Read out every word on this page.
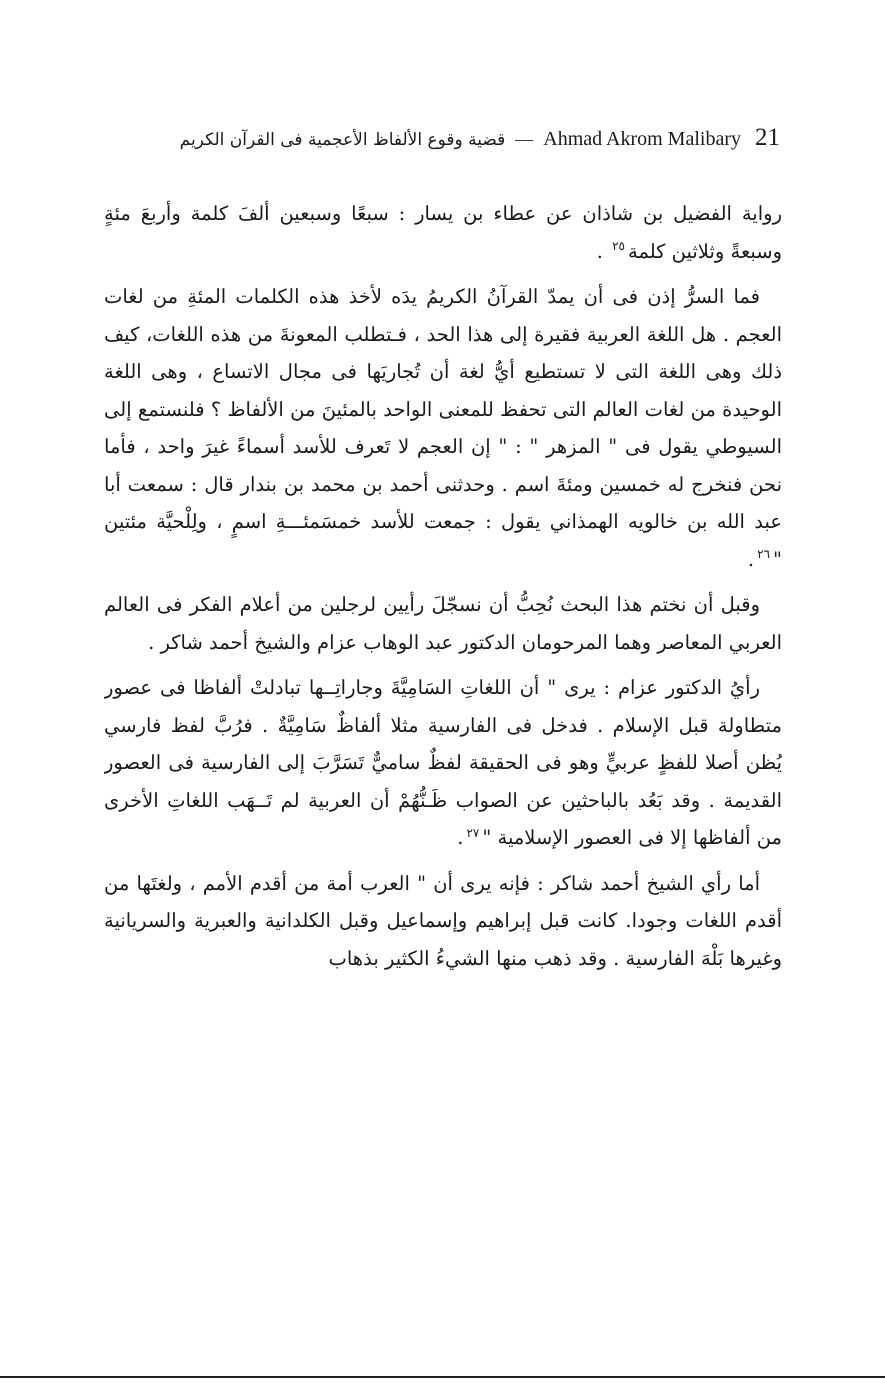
قضية وقوع الألفاظ الأعجمية فى القرآن الكريم — Ahmad Akrom Malibary 21

رواية الفضيل بن شاذان عن عطاء بن يسار : سبعًا وسبعين ألفَ كلمة وأربعَ مئةٍ وسبعةً وثلاثين كلمة$^{٢٥}$ .

فما السرُّ إذن فى أن يمدّ القرآنُ الكريمُ يدَه لأخذ هذه الكلمات المئةِ من لغات العجم . هل اللغة العربية فقيرة إلى هذا الحد ، فـتطلب المعونةَ من هذه اللغات، كيف ذلك وهى اللغة التى لا تستطيع أيُّ لغة أن تُجاريَها فى مجال الاتساع ، وهى اللغة الوحيدة من لغات العالم التى تحفظ للمعنى الواحد بالمئينَ من الألفاظ ؟ فلنستمع إلى السيوطي يقول فى " المزهر " : " إن العجم لا تَعرف للأسد أسماءً غيرَ واحد ، فأما نحن فنخرج له خمسين ومئةَ اسم . وحدثنى أحمد بن محمد بن بندار قال : سمعت أبا عبد الله بن خالويه الهمذاني يقول : جمعت للأسد خمسَمئـــةِ اسمٍ ، ولِلْحيَّة مئتين "$^{٢٦}$.

وقبل أن نختم هذا البحث نُحِبُّ أن نسجّلَ رأيين لرجلين من أعلام الفكر فى العالم العربي المعاصر وهما المرحومان الدكتور عبد الوهاب عزام والشيخ أحمد شاكر .

رأيُ الدكتور عزام : يرى " أن اللغاتِ السَامِيَّةَ وجاراتِــها تبادلتْ ألفاظا فى عصور متطاولة قبل الإسلام . فدخل فى الفارسية مثلا ألفاظٌ سَامِيَّةٌ . فرُبَّ لفظ فارسي يُظن أصلا للفظٍ عربيٍّ وهو فى الحقيقة لفظٌ ساميٌّ تَسَرَّبَ إلى الفارسية فى العصور القديمة . وقد بَعُد بالباحثين عن الصواب ظَـنُّهُمْ أن العربية لم تَــهَب اللغاتِ الأخرى من ألفاظها إلا فى العصور الإسلامية "$^{٢٧}$.

أما رأي الشيخ أحمد شاكر : فإنه يرى أن " العرب أمة من أقدم الأمم ، ولغتَها من أقدم اللغات وجودا. كانت قبل إبراهيم وإسماعيل وقبل الكلدانية والعبرية والسريانية وغيرها بَلْهَ الفارسية . وقد ذهب منها الشيءُ الكثير بذهاب
